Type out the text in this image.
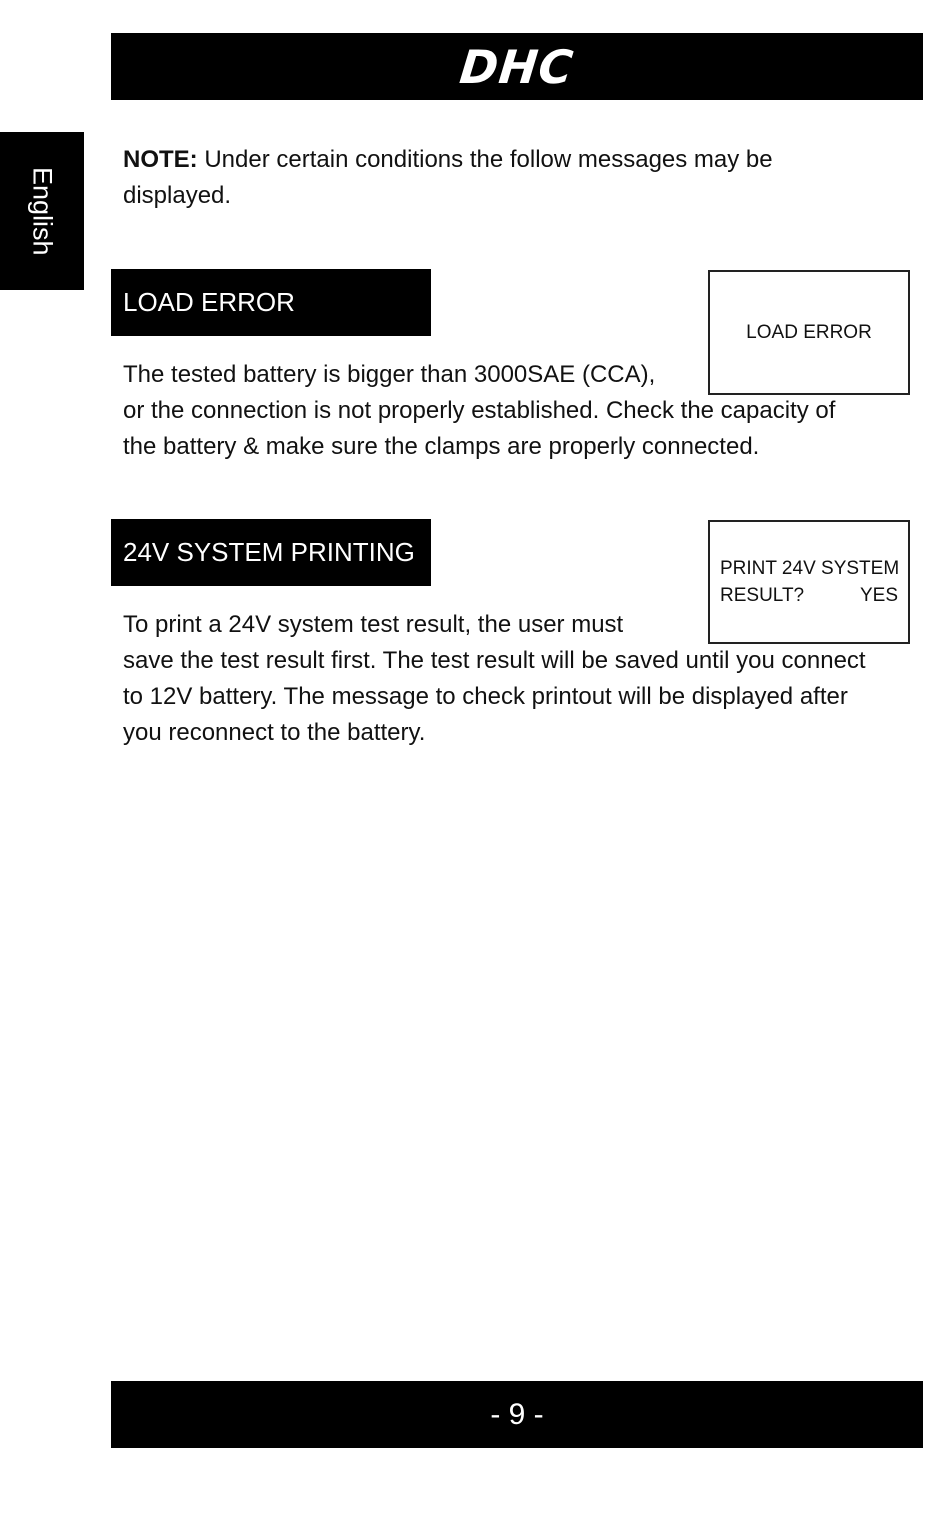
DHC
English
NOTE: Under certain conditions the follow messages may be
displayed.
LOAD ERROR
LOAD ERROR
The tested battery is bigger than 3000SAE (CCA),
or the connection is not properly established. Check the capacity of
the battery & make sure the clamps are properly connected.
24V SYSTEM PRINTING
PRINT 24V SYSTEM
RESULT?	YES
To print a 24V system test result, the user must
save the test result first. The test result will be saved until you connect
to 12V battery. The message to check printout will be displayed after
you reconnect to the battery.
- 9 -
